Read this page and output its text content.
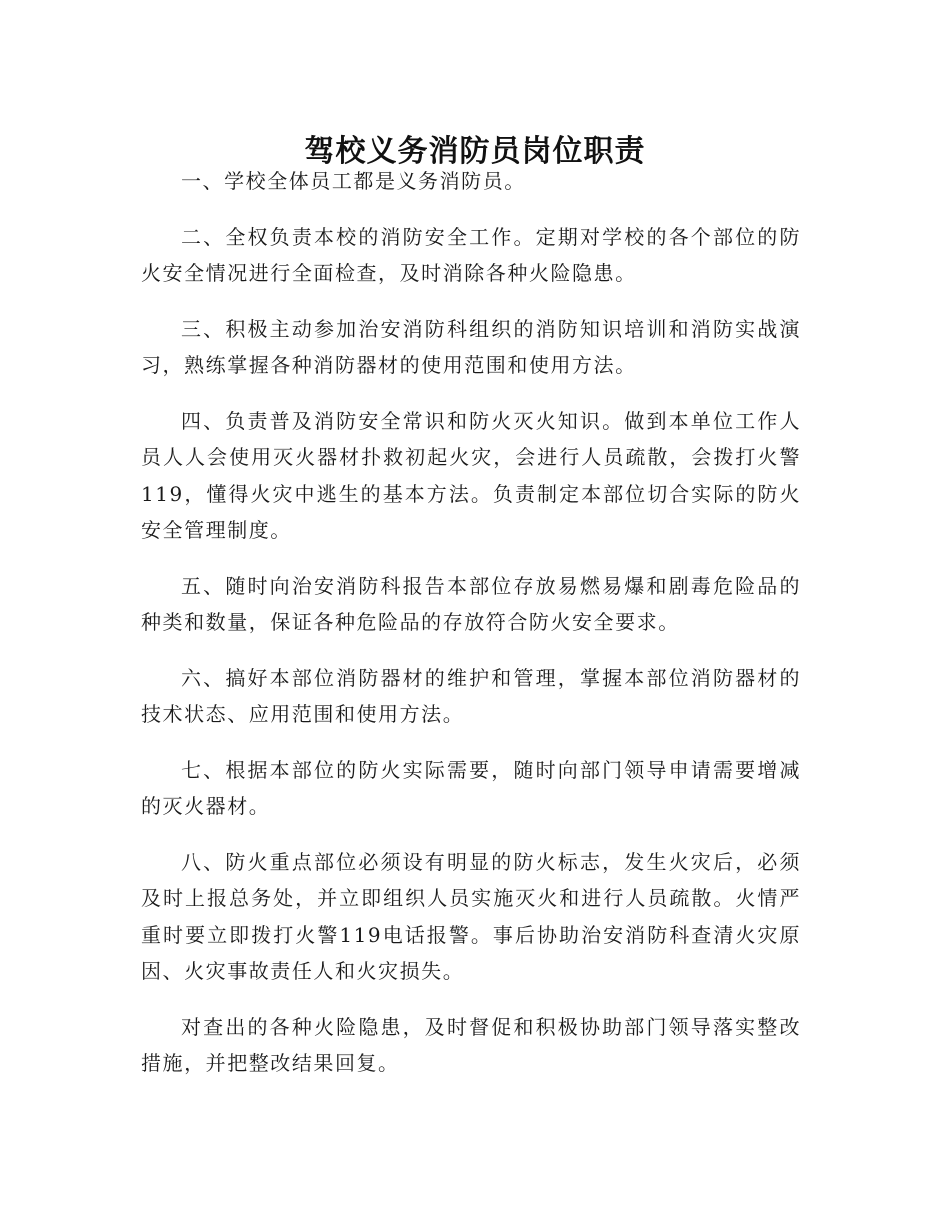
驾校义务消防员岗位职责

一、学校全体员工都是义务消防员。

二、全权负责本校的消防安全工作。定期对学校的各个部位的防火安全情况进行全面检查，及时消除各种火险隐患。

三、积极主动参加治安消防科组织的消防知识培训和消防实战演习，熟练掌握各种消防器材的使用范围和使用方法。

四、负责普及消防安全常识和防火灭火知识。做到本单位工作人员人人会使用灭火器材扑救初起火灾，会进行人员疏散，会拨打火警119，懂得火灾中逃生的基本方法。负责制定本部位切合实际的防火安全管理制度。

五、随时向治安消防科报告本部位存放易燃易爆和剧毒危险品的种类和数量，保证各种危险品的存放符合防火安全要求。

六、搞好本部位消防器材的维护和管理，掌握本部位消防器材的技术状态、应用范围和使用方法。

七、根据本部位的防火实际需要，随时向部门领导申请需要增减的灭火器材。

八、防火重点部位必须设有明显的防火标志，发生火灾后，必须及时上报总务处，并立即组织人员实施灭火和进行人员疏散。火情严重时要立即拨打火警119电话报警。事后协助治安消防科查清火灾原因、火灾事故责任人和火灾损失。

对查出的各种火险隐患，及时督促和积极协助部门领导落实整改措施，并把整改结果回复。
